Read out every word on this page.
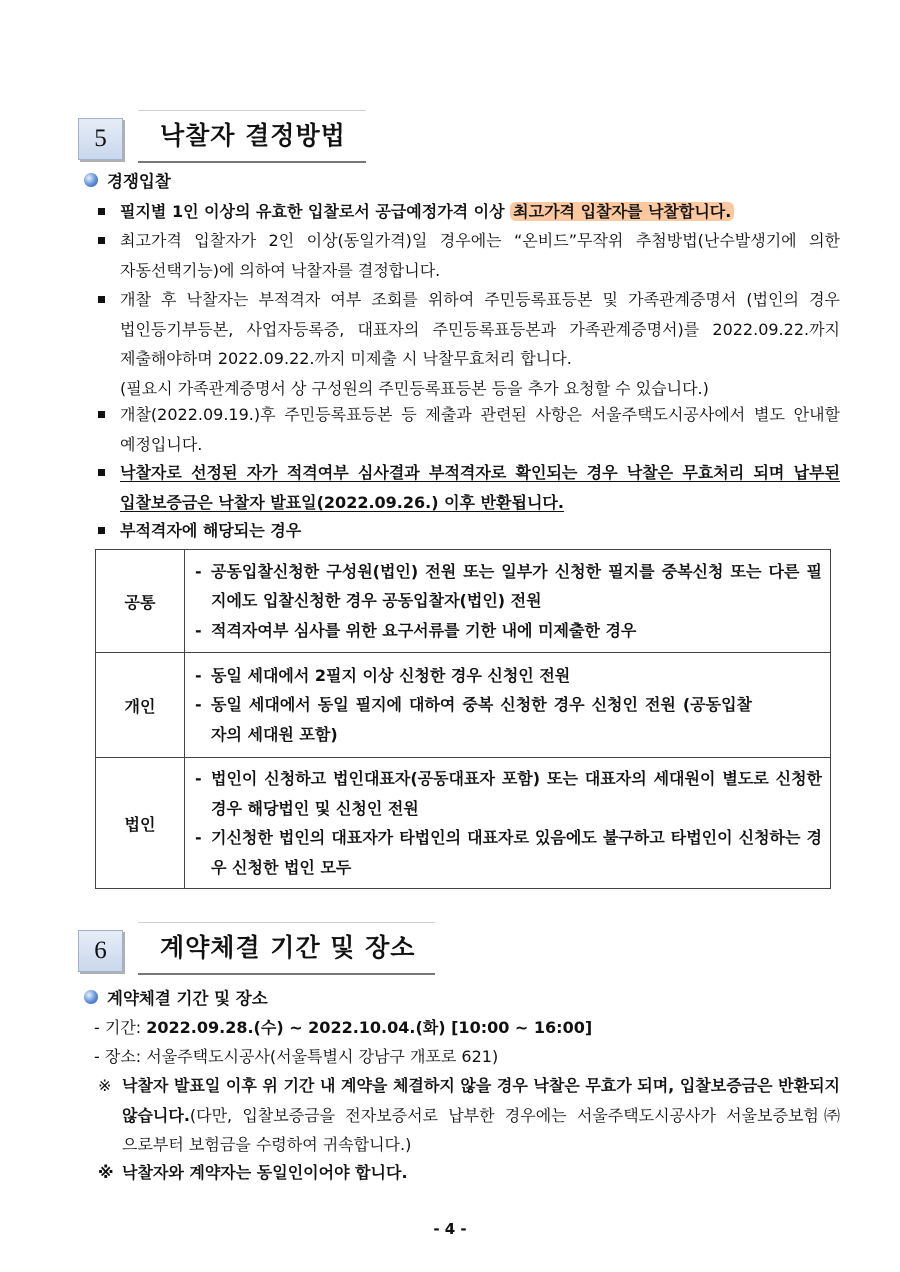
5	낙찰자 결정방법
경쟁입찰
필지별 1인 이상의 유효한 입찰로서 공급예정가격 이상 최고가격 입찰자를 낙찰합니다.
최고가격 입찰자가 2인 이상(동일가격)일 경우에는 “온비드”무작위 추첨방법(난수발생기에 의한 자동선택기능)에 의하여 낙찰자를 결정합니다.
개찰 후 낙찰자는 부적격자 여부 조회를 위하여 주민등록표등본 및 가족관계증명서 (법인의 경우 법인등기부등본, 사업자등록증, 대표자의 주민등록표등본과 가족관계증명서)를 2022.09.22.까지 제출해야하며 2022.09.22.까지 미제출 시 낙찰무효처리 합니다.
(필요시 가족관계증명서 상 구성원의 주민등록표등본 등을 추가 요청할 수 있습니다.)
개찰(2022.09.19.)후 주민등록표등본 등 제출과 관련된 사항은 서울주택도시공사에서 별도 안내할 예정입니다.
낙찰자로 선정된 자가 적격여부 심사결과 부적격자로 확인되는 경우 낙찰은 무효처리 되며 납부된 입찰보증금은 낙찰자 발표일(2022.09.26.) 이후 반환됩니다.
부적격자에 해당되는 경우
공통	- 공동입찰신청한 구성원(법인) 전원 또는 일부가 신청한 필지를 중복신청 또는 다른 필지에도 입찰신청한 경우 공동입찰자(법인) 전원
- 적격자여부 심사를 위한 요구서류를 기한 내에 미제출한 경우

개인	- 동일 세대에서 2필지 이상 신청한 경우 신청인 전원
- 동일 세대에서 동일 필지에 대하여 중복 신청한 경우 신청인 전원 (공동입찰자의 세대원 포함)

법인	- 법인이 신청하고 법인대표자(공동대표자 포함) 또는 대표자의 세대원이 별도로 신청한 경우 해당법인 및 신청인 전원
- 기신청한 법인의 대표자가 타법인의 대표자로 있음에도 불구하고 타법인이 신청하는 경우 신청한 법인 모두
6	계약체결 기간 및 장소
계약체결 기간 및 장소
- 기간: 2022.09.28.(수) ~ 2022.10.04.(화) [10:00 ~ 16:00]
- 장소: 서울주택도시공사(서울특별시 강남구 개포로 621)
※ 낙찰자 발표일 이후 위 기간 내 계약을 체결하지 않을 경우 낙찰은 무효가 되며, 입찰보증금은 반환되지 않습니다.(다만, 입찰보증금을 전자보증서로 납부한 경우에는 서울주택도시공사가 서울보증보험㈜으로부터 보험금을 수령하여 귀속합니다.)
※ 낙찰자와 계약자는 동일인이어야 합니다.
- 4 -
